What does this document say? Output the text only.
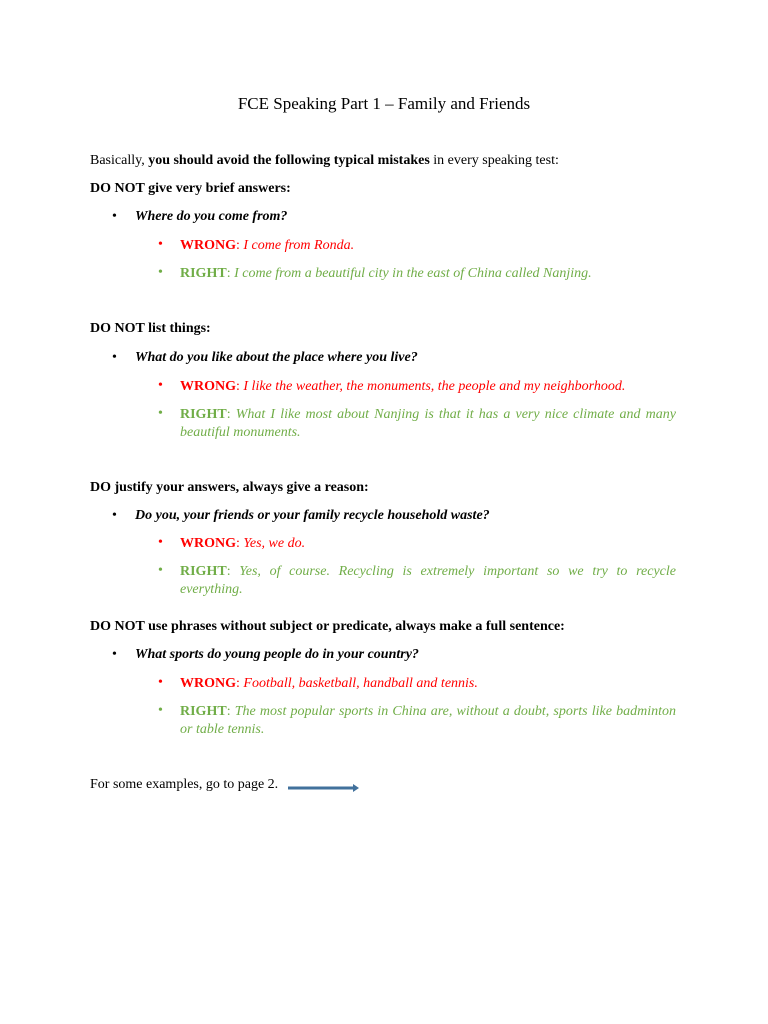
FCE Speaking Part 1 – Family and Friends
Basically, you should avoid the following typical mistakes in every speaking test:
DO NOT give very brief answers:
• Where do you come from?
• WRONG: I come from Ronda.
• RIGHT: I come from a beautiful city in the east of China called Nanjing.
DO NOT list things:
• What do you like about the place where you live?
• WRONG: I like the weather, the monuments, the people and my neighborhood.
• RIGHT: What I like most about Nanjing is that it has a very nice climate and many beautiful monuments.
DO justify your answers, always give a reason:
• Do you, your friends or your family recycle household waste?
• WRONG: Yes, we do.
• RIGHT: Yes, of course. Recycling is extremely important so we try to recycle everything.
DO NOT use phrases without subject or predicate, always make a full sentence:
• What sports do young people do in your country?
• WRONG: Football, basketball, handball and tennis.
• RIGHT: The most popular sports in China are, without a doubt, sports like badminton or table tennis.
For some examples, go to page 2.
